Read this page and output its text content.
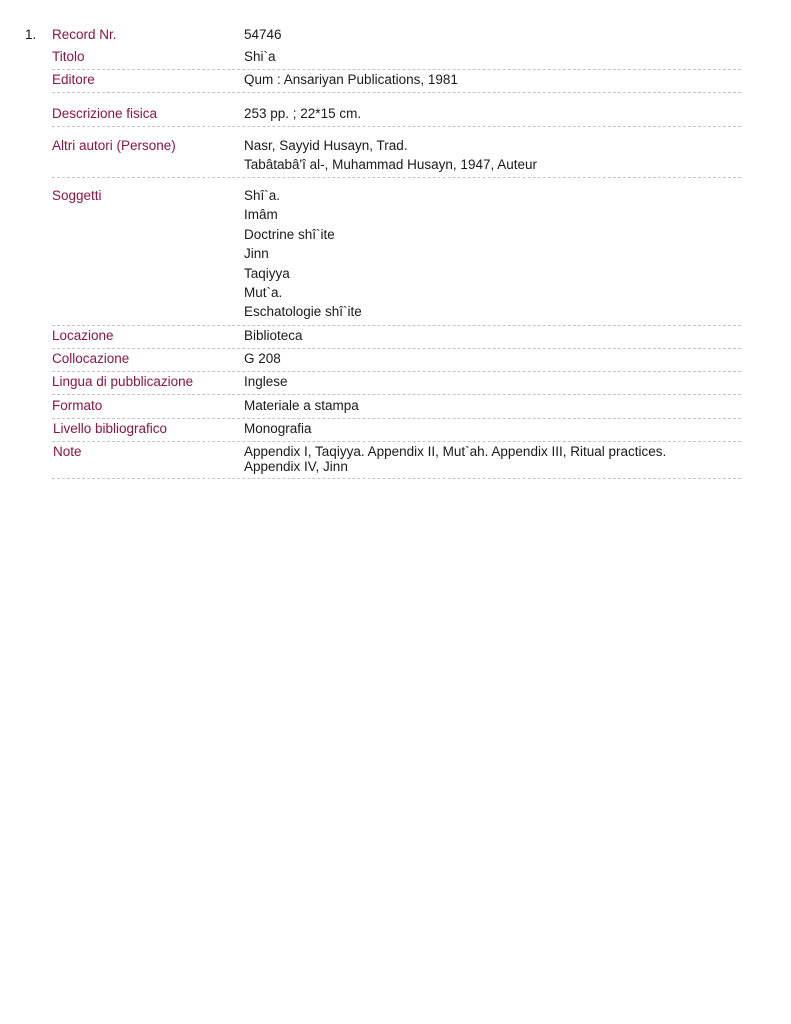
1. Record Nr.	54746
Titolo	Shi`a
Editore	Qum : Ansariyan Publications, 1981
Descrizione fisica	253 pp. ; 22*15 cm.
Altri autori (Persone)	Nasr, Sayyid Husayn, Trad.
Tabâtabâ'î al-, Muhammad Husayn, 1947, Auteur
Soggetti	Shî`a.
Imâm
Doctrine shî`ite
Jinn
Taqiyya
Mut`a.
Eschatologie shî`ite
Locazione	Biblioteca
Collocazione	G 208
Lingua di pubblicazione	Inglese
Formato	Materiale a stampa
Livello bibliografico	Monografia
Note	Appendix I, Taqiyya. Appendix II, Mut`ah. Appendix III, Ritual practices. Appendix IV, Jinn
